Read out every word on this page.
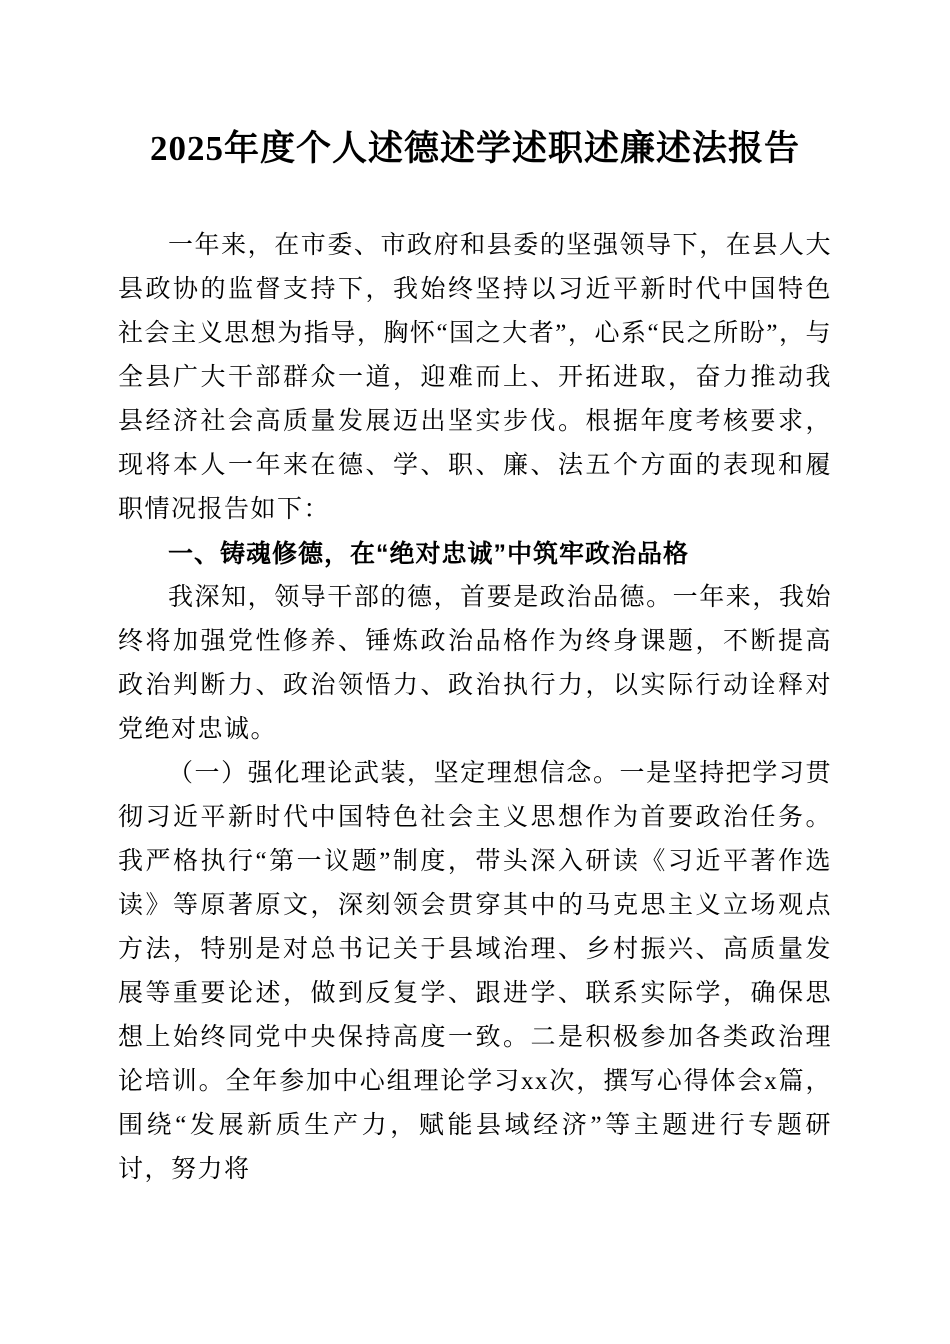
2025年度个人述德述学述职述廉述法报告

一年来，在市委、市政府和县委的坚强领导下，在县人大县政协的监督支持下，我始终坚持以习近平新时代中国特色社会主义思想为指导，胸怀“国之大者”，心系“民之所盼”，与全县广大干部群众一道，迎难而上、开拓进取，奋力推动我县经济社会高质量发展迈出坚实步伐。根据年度考核要求，现将本人一年来在德、学、职、廉、法五个方面的表现和履职情况报告如下：

一、铸魂修德，在“绝对忠诚”中筑牢政治品格

我深知，领导干部的德，首要是政治品德。一年来，我始终将加强党性修养、锤炼政治品格作为终身课题，不断提高政治判断力、政治领悟力、政治执行力，以实际行动诠释对党绝对忠诚。

（一）强化理论武装，坚定理想信念。一是坚持把学习贯彻习近平新时代中国特色社会主义思想作为首要政治任务。我严格执行“第一议题”制度，带头深入研读《习近平著作选读》等原著原文，深刻领会贯穿其中的马克思主义立场观点方法，特别是对总书记关于县域治理、乡村振兴、高质量发展等重要论述，做到反复学、跟进学、联系实际学，确保思想上始终同党中央保持高度一致。二是积极参加各类政治理论培训。全年参加中心组理论学习xx次，撰写心得体会x篇，围绕“发展新质生产力，赋能县域经济”等主题进行专题研讨，努力将
